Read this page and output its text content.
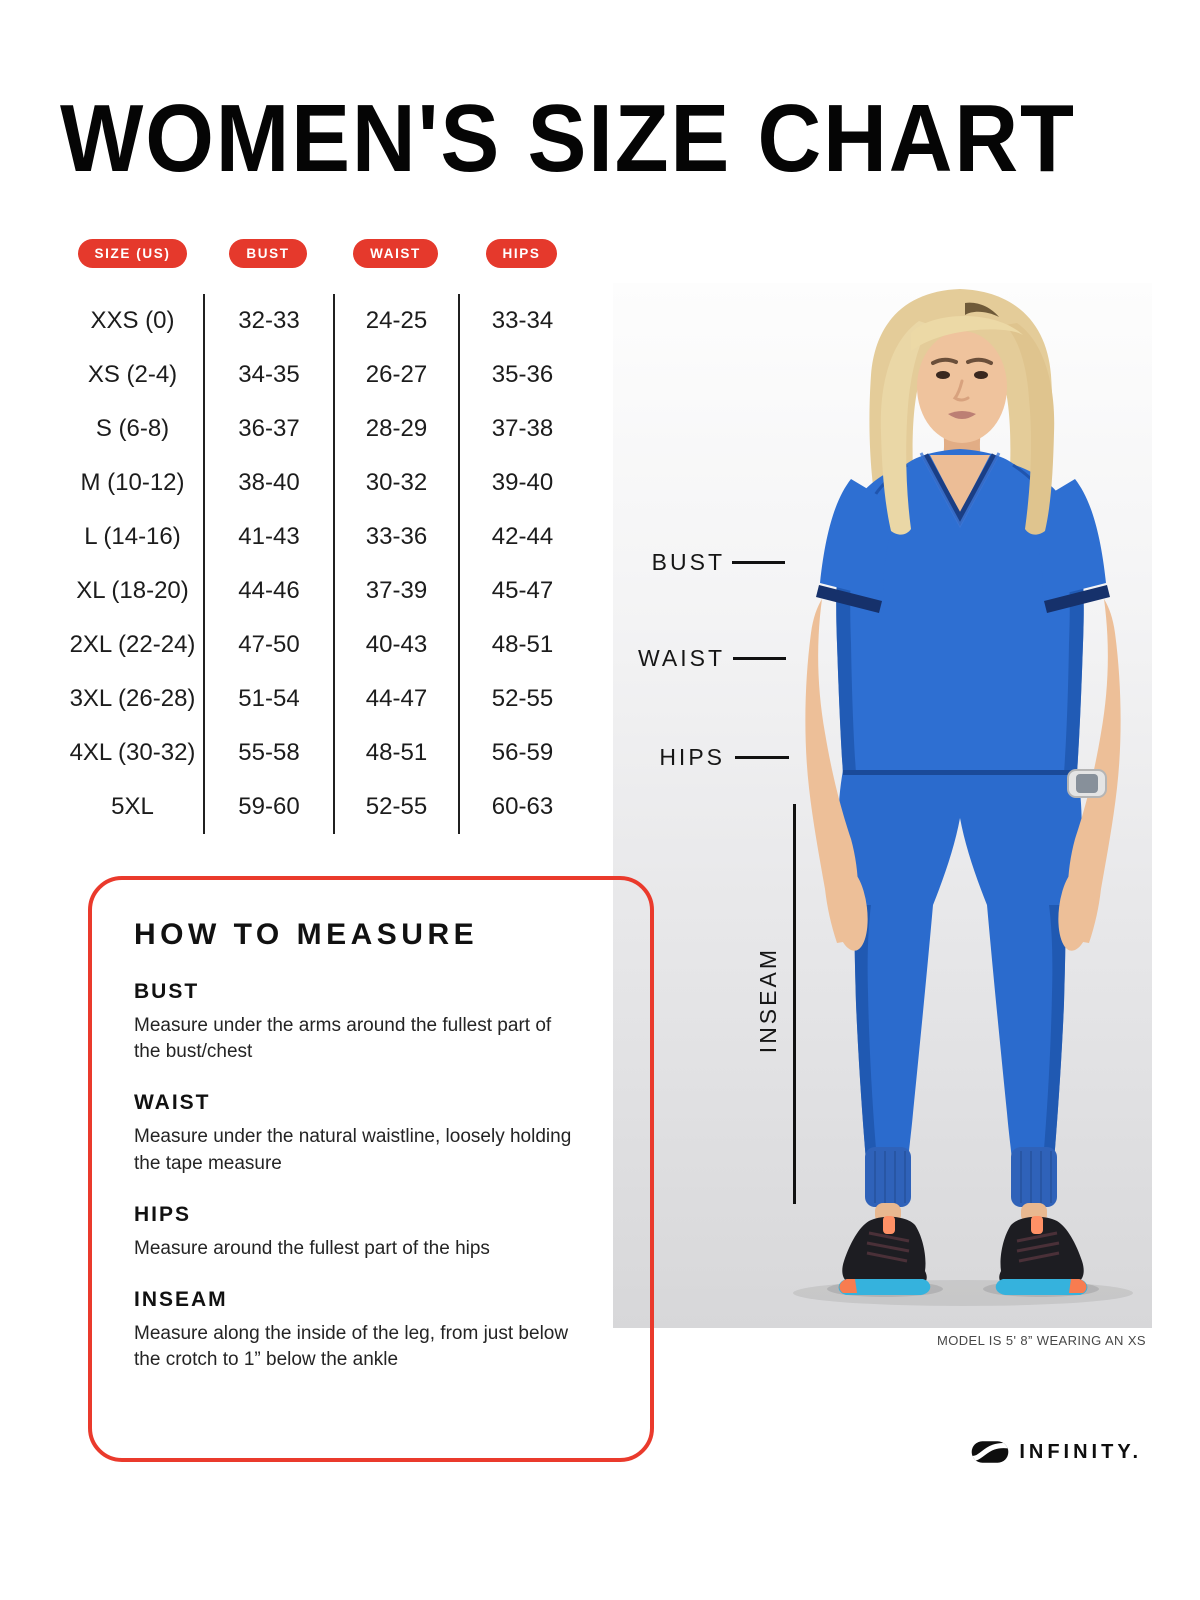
WOMEN'S SIZE CHART
SIZE (US)	BUST	WAIST	HIPS
XXS (0)	32-33	24-25	33-34
XS (2-4)	34-35	26-27	35-36
S (6-8)	36-37	28-29	37-38
M (10-12)	38-40	30-32	39-40
L (14-16)	41-43	33-36	42-44
XL (18-20)	44-46	37-39	45-47
2XL (22-24)	47-50	40-43	48-51
3XL (26-28)	51-54	44-47	52-55
4XL (30-32)	55-58	48-51	56-59
5XL	59-60	52-55	60-63
HOW TO MEASURE
BUST

Measure under the arms around the fullest part of the bust/chest

WAIST

Measure under the natural waistline, loosely holding the tape measure

HIPS

Measure around the fullest part of the hips

INSEAM

Measure along the inside of the leg, from just below the crotch to 1” below the ankle

BUST
WAIST
HIPS
INSEAM
MODEL IS 5' 8” WEARING AN XS
INFINITY.
